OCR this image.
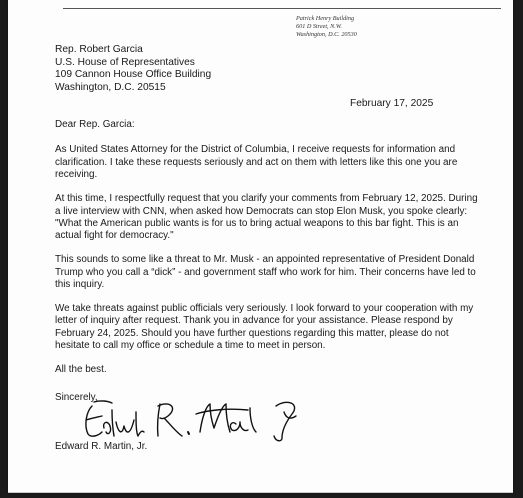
Patrick Henry Building
601 D Street, N.W.
Washington, D.C. 20530
Rep. Robert Garcia
U.S. House of Representatives
109 Cannon House Office Building
Washington, D.C. 20515
February 17, 2025

Dear Rep. Garcia:

As United States Attorney for the District of Columbia, I receive requests for information and clarification. I take these requests seriously and act on them with letters like this one you are receiving.

At this time, I respectfully request that you clarify your comments from February 12, 2025. During a live interview with CNN, when asked how Democrats can stop Elon Musk, you spoke clearly: "What the American public wants is for us to bring actual weapons to this bar fight. This is an actual fight for democracy."

This sounds to some like a threat to Mr. Musk - an appointed representative of President Donald Trump who you call a “dick” - and government staff who work for him. Their concerns have led to this inquiry.

We take threats against public officials very seriously. I look forward to your cooperation with my letter of inquiry after request. Thank you in advance for your assistance. Please respond by February 24, 2025. Should you have further questions regarding this matter, please do not hesitate to call my office or schedule a time to meet in person.

All the best.

Sincerely,
Edward R. Martin, Jr.
